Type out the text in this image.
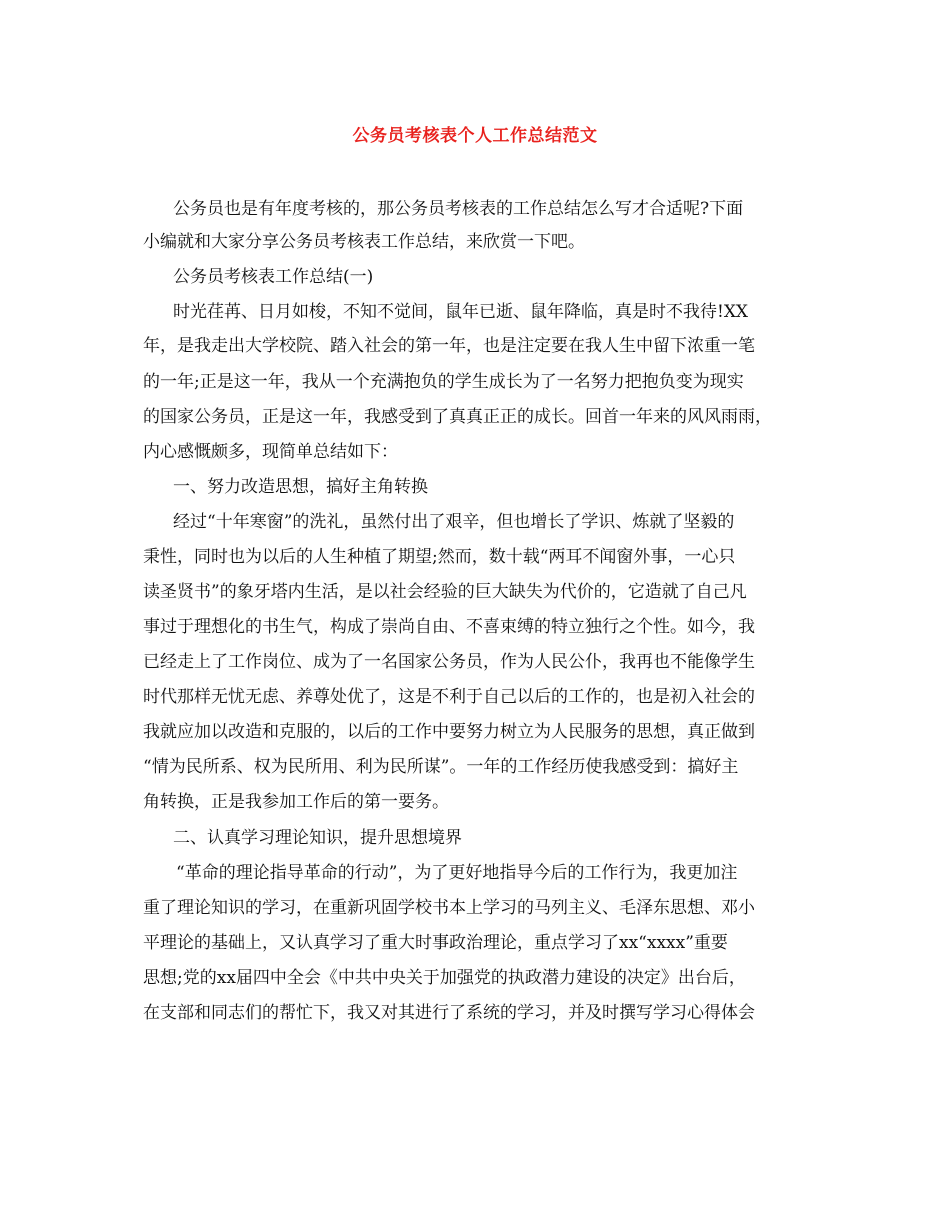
公务员考核表个人工作总结范文
公务员也是有年度考核的，那公务员考核表的工作总结怎么写才合适呢?下面
小编就和大家分享公务员考核表工作总结，来欣赏一下吧。
公务员考核表工作总结(一)
时光荏苒、日月如梭，不知不觉间，鼠年已逝、鼠年降临，真是时不我待!XX
年，是我走出大学校院、踏入社会的第一年，也是注定要在我人生中留下浓重一笔
的一年;正是这一年，我从一个充满抱负的学生成长为了一名努力把抱负变为现实
的国家公务员，正是这一年，我感受到了真真正正的成长。回首一年来的风风雨雨，
内心感慨颇多，现简单总结如下：
一、努力改造思想，搞好主角转换
经过“十年寒窗”的洗礼，虽然付出了艰辛，但也增长了学识、炼就了坚毅的
秉性，同时也为以后的人生种植了期望;然而，数十载“两耳不闻窗外事，一心只
读圣贤书”的象牙塔内生活，是以社会经验的巨大缺失为代价的，它造就了自己凡
事过于理想化的书生气，构成了崇尚自由、不喜束缚的特立独行之个性。如今，我
已经走上了工作岗位、成为了一名国家公务员，作为人民公仆，我再也不能像学生
时代那样无忧无虑、养尊处优了，这是不利于自己以后的工作的，也是初入社会的
我就应加以改造和克服的，以后的工作中要努力树立为人民服务的思想，真正做到
“情为民所系、权为民所用、利为民所谋”。一年的工作经历使我感受到：搞好主
角转换，正是我参加工作后的第一要务。
二、认真学习理论知识，提升思想境界
“革命的理论指导革命的行动”，为了更好地指导今后的工作行为，我更加注
重了理论知识的学习，在重新巩固学校书本上学习的马列主义、毛泽东思想、邓小
平理论的基础上，又认真学习了重大时事政治理论，重点学习了xx“xxxx”重要
思想;党的xx届四中全会《中共中央关于加强党的执政潜力建设的决定》出台后，
在支部和同志们的帮忙下，我又对其进行了系统的学习，并及时撰写学习心得体会
